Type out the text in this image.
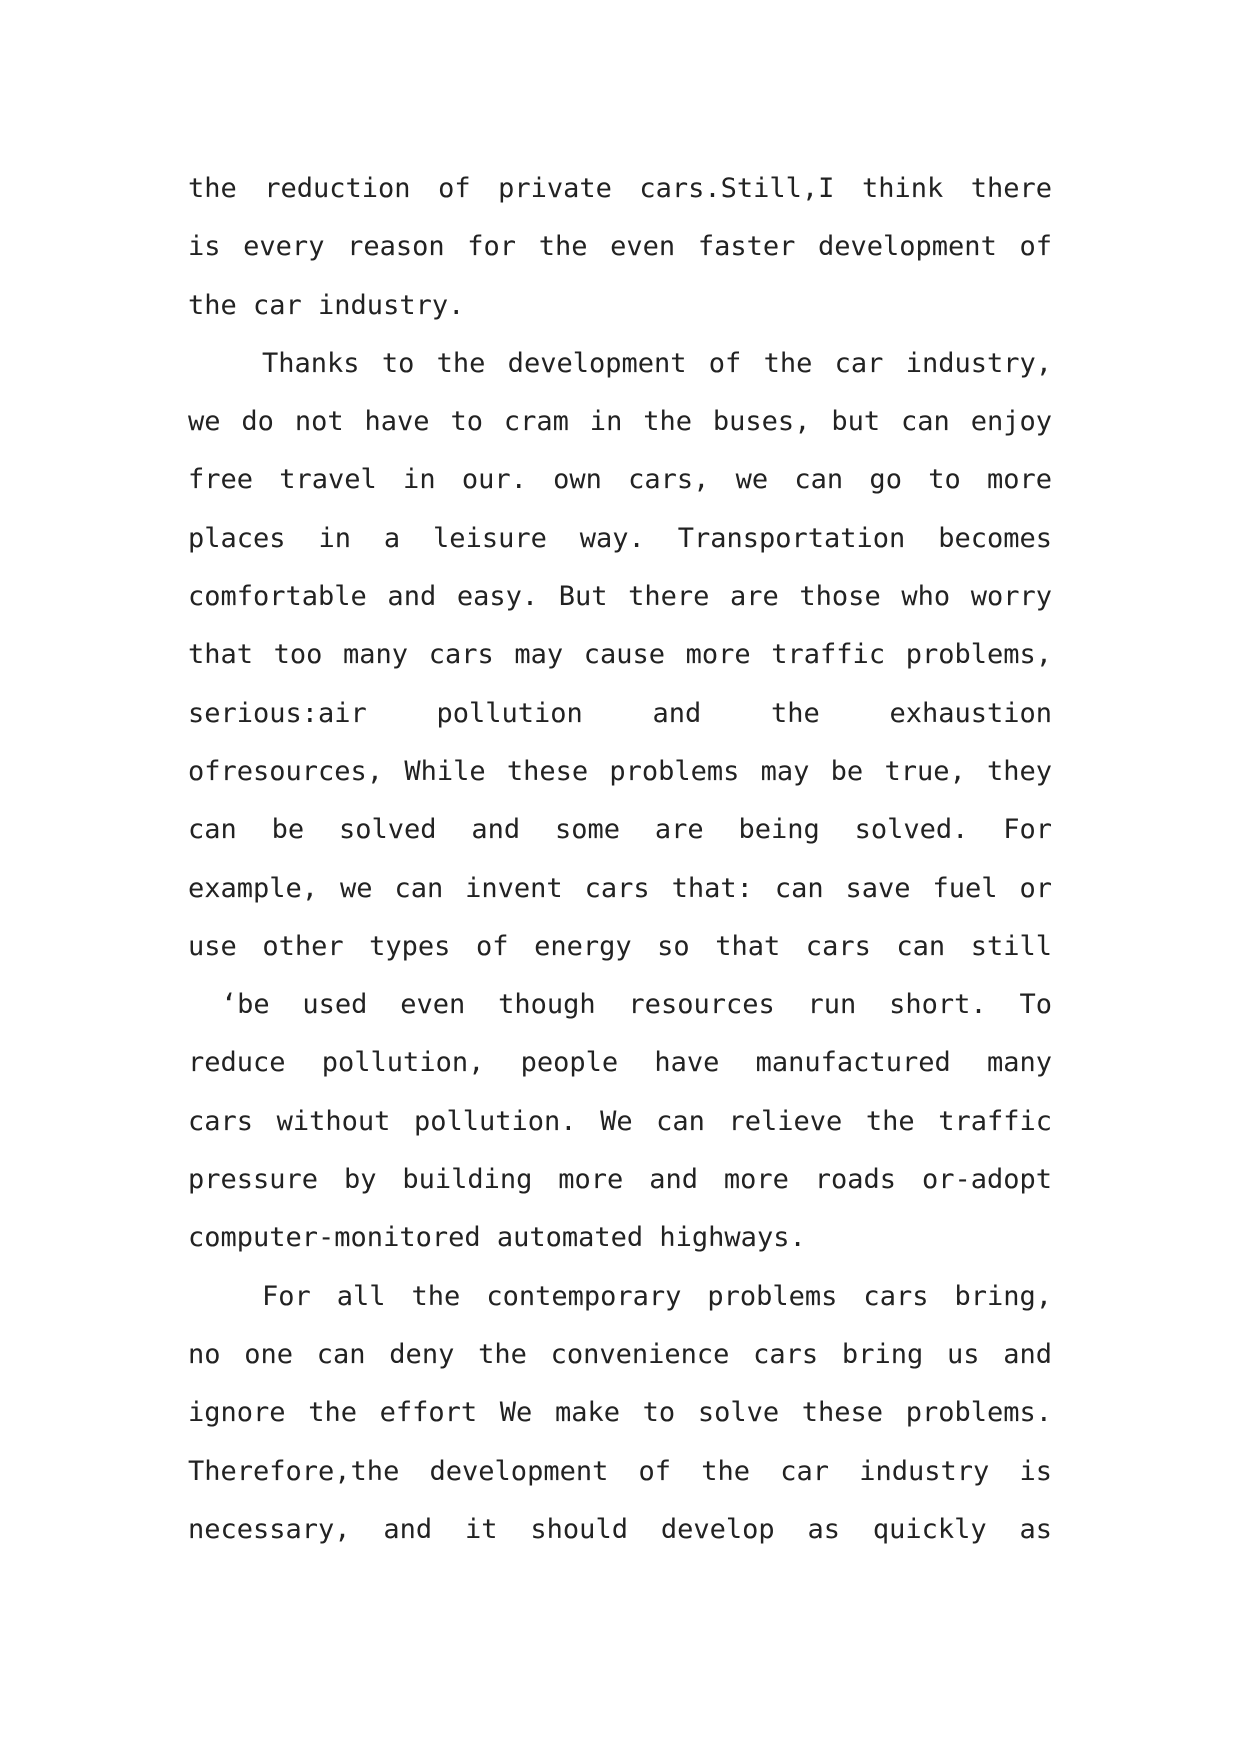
the reduction of private cars.Still,I think there
is every reason for the even faster development of
the car industry.
Thanks to the development of the car industry,
we do not have to cram in the buses, but can enjoy
free travel in our. own cars, we can go to more
places in a leisure way. Transportation becomes
comfortable and easy. But there are those who worry
that too many cars may cause more traffic problems,
serious:air pollution and the exhaustion
ofresources, While these problems may be true, they
can be solved and some are being solved. For
example, we can invent cars that: can save fuel or
use other types of energy so that cars can still
‘be used even though resources run short. To
reduce pollution, people have manufactured many
cars without pollution. We can relieve the traffic
pressure by building more and more roads or-adopt
computer-monitored automated highways.
For all the contemporary problems cars bring,
no one can deny the convenience cars bring us and
ignore the effort We make to solve these problems.
Therefore,the development of the car industry is
necessary, and it should develop as quickly as
